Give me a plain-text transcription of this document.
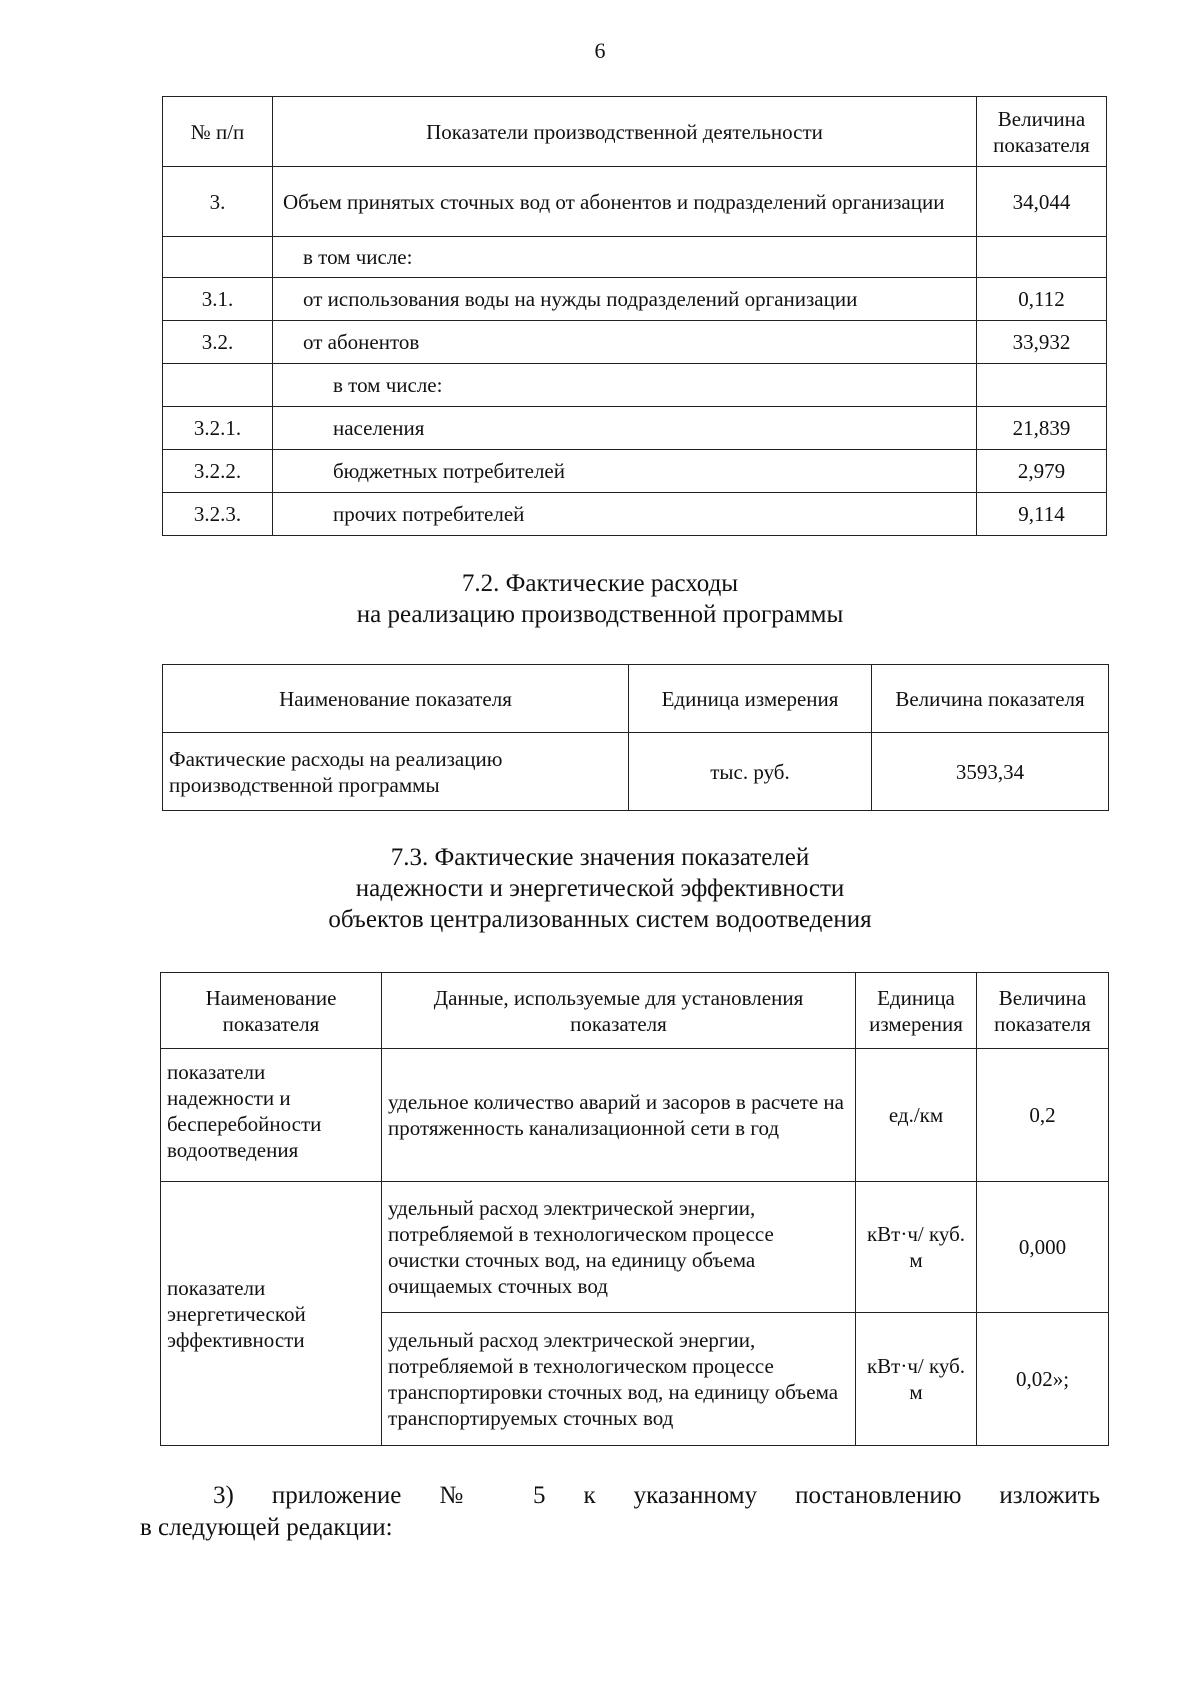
6
№ п/п	Показатели производственной деятельности	Величина показателя
3.	Объем принятых сточных вод от абонентов и подразделений организации	34,044
	в том числе:	
3.1.	от использования воды на нужды подразделений организации	0,112
3.2.	от абонентов	33,932
	в том числе:	
3.2.1.	населения	21,839
3.2.2.	бюджетных потребителей	2,979
3.2.3.	прочих потребителей	9,114
7.2. Фактические расходы
на реализацию производственной программы
Наименование показателя	Единица измерения	Величина показателя
Фактические расходы на реализацию производственной программы	тыс. руб.	3593,34
7.3. Фактические значения показателей
надежности и энергетической эффективности
объектов централизованных систем водоотведения
Наименование показателя	Данные, используемые для установления показателя	Единица измерения	Величина показателя
показатели надежности и бесперебойности водоотведения	удельное количество аварий и засоров в расчете на протяженность канализационной сети в год	ед./км	0,2
показатели энергетической эффективности	удельный расход электрической энергии, потребляемой в технологическом процессе очистки сточных вод, на единицу объема очищаемых сточных вод	кВт·ч/ куб. м	0,000
	удельный расход электрической энергии, потребляемой в технологическом процессе транспортировки сточных вод, на единицу объема транспортируемых сточных вод	кВт·ч/ куб. м	0,02»;
3) приложение № 5 к указанному постановлению изложить
в следующей редакции:
